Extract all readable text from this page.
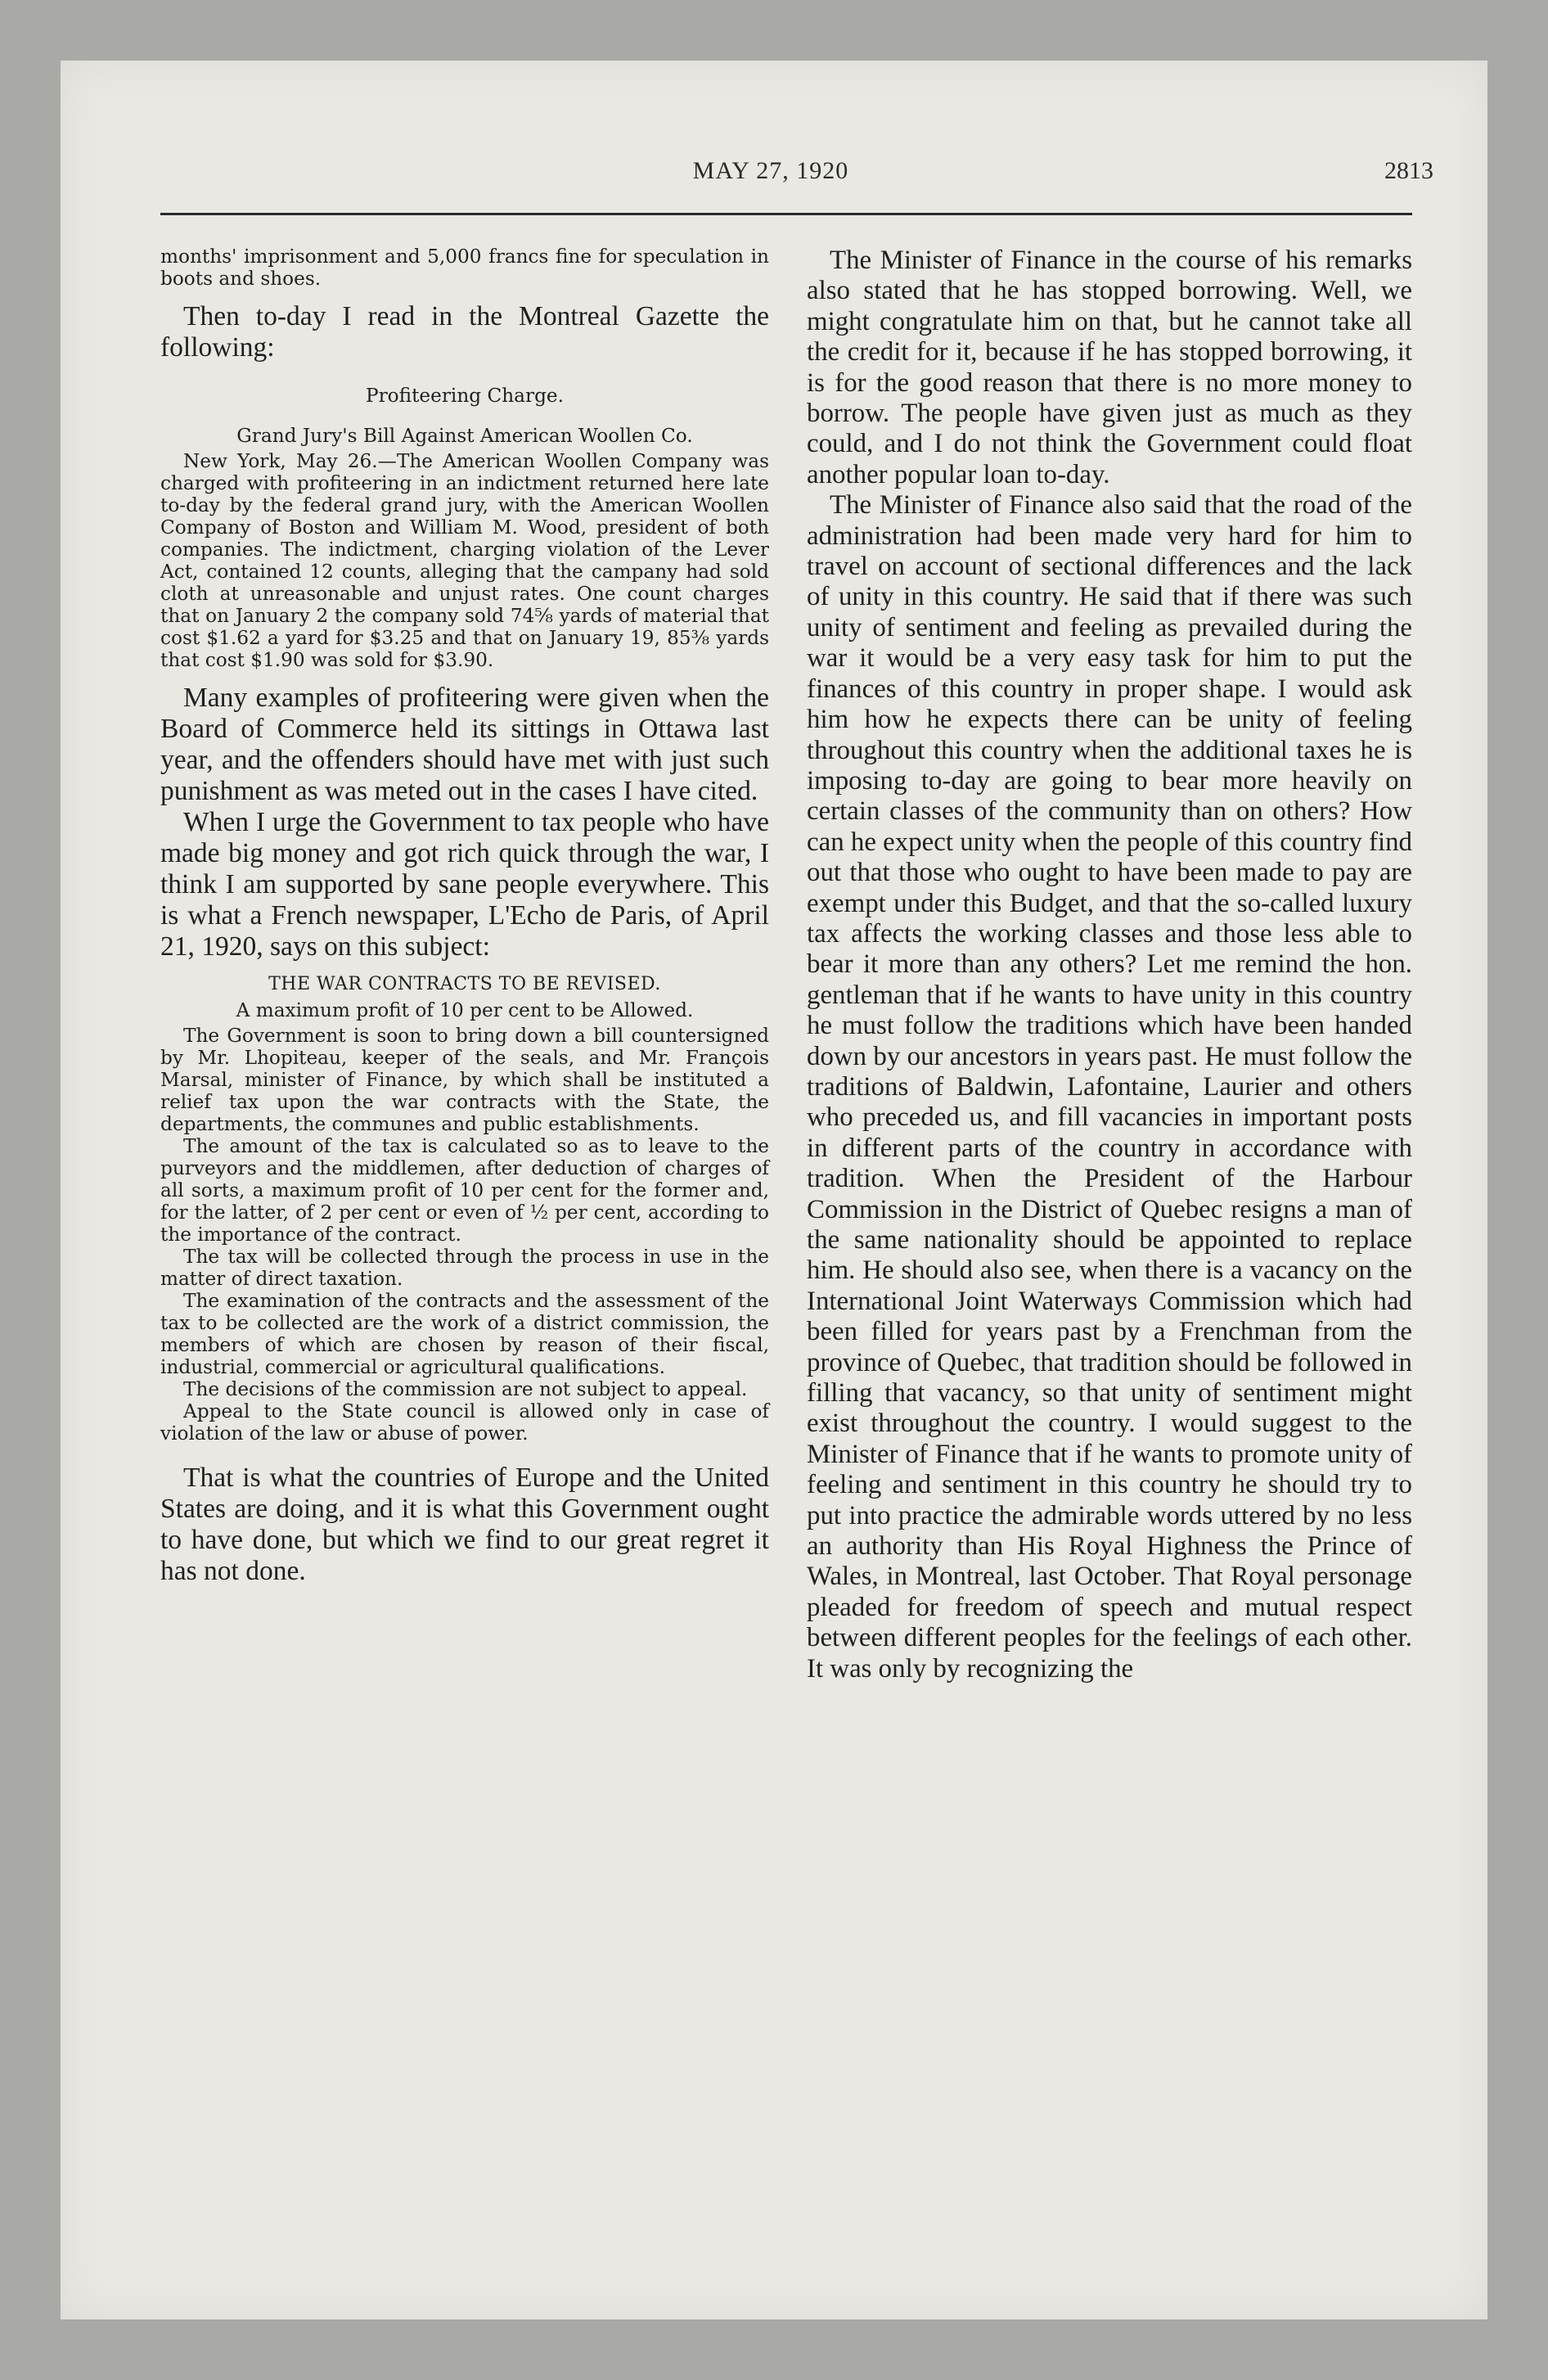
MAY 27, 1920	2813

months' imprisonment and 5,000 francs fine for speculation in boots and shoes.

Then to-day I read in the Montreal Gazette the following:

Profiteering Charge.

Grand Jury's Bill Against American Woollen Co.

New York, May 26.—The American Woollen Company was charged with profiteering in an indictment returned here late to-day by the federal grand jury, with the American Woollen Company of Boston and William M. Wood, president of both companies. The indictment, charging violation of the Lever Act, contained 12 counts, alleging that the campany had sold cloth at unreasonable and unjust rates. One count charges that on January 2 the company sold 74⅝ yards of material that cost $1.62 a yard for $3.25 and that on January 19, 85⅜ yards that cost $1.90 was sold for $3.90.

Many examples of profiteering were given when the Board of Commerce held its sittings in Ottawa last year, and the offenders should have met with just such punishment as was meted out in the cases I have cited.

When I urge the Government to tax people who have made big money and got rich quick through the war, I think I am supported by sane people everywhere. This is what a French newspaper, L'Echo de Paris, of April 21, 1920, says on this subject:

THE WAR CONTRACTS TO BE REVISED.

A maximum profit of 10 per cent to be Allowed.

The Government is soon to bring down a bill countersigned by Mr. Lhopiteau, keeper of the seals, and Mr. François Marsal, minister of Finance, by which shall be instituted a relief tax upon the war contracts with the State, the departments, the communes and public establishments.

The amount of the tax is calculated so as to leave to the purveyors and the middlemen, after deduction of charges of all sorts, a maximum profit of 10 per cent for the former and, for the latter, of 2 per cent or even of ½ per cent, according to the importance of the contract.

The tax will be collected through the process in use in the matter of direct taxation.

The examination of the contracts and the assessment of the tax to be collected are the work of a district commission, the members of which are chosen by reason of their fiscal, industrial, commercial or agricultural qualifications.

The decisions of the commission are not subject to appeal.

Appeal to the State council is allowed only in case of violation of the law or abuse of power.

That is what the countries of Europe and the United States are doing, and it is what this Government ought to have done, but which we find to our great regret it has not done.

The Minister of Finance in the course of his remarks also stated that he has stopped borrowing. Well, we might congratulate him on that, but he cannot take all the credit for it, because if he has stopped borrowing, it is for the good reason that there is no more money to borrow. The people have given just as much as they could, and I do not think the Government could float another popular loan to-day.

The Minister of Finance also said that the road of the administration had been made very hard for him to travel on account of sectional differences and the lack of unity in this country. He said that if there was such unity of sentiment and feeling as prevailed during the war it would be a very easy task for him to put the finances of this country in proper shape. I would ask him how he expects there can be unity of feeling throughout this country when the additional taxes he is imposing to-day are going to bear more heavily on certain classes of the community than on others? How can he expect unity when the people of this country find out that those who ought to have been made to pay are exempt under this Budget, and that the so-called luxury tax affects the working classes and those less able to bear it more than any others? Let me remind the hon. gentleman that if he wants to have unity in this country he must follow the traditions which have been handed down by our ancestors in years past. He must follow the traditions of Baldwin, Lafontaine, Laurier and others who preceded us, and fill vacancies in important posts in different parts of the country in accordance with tradition. When the President of the Harbour Commission in the District of Quebec resigns a man of the same nationality should be appointed to replace him. He should also see, when there is a vacancy on the International Joint Waterways Commission which had been filled for years past by a Frenchman from the province of Quebec, that tradition should be followed in filling that vacancy, so that unity of sentiment might exist throughout the country. I would suggest to the Minister of Finance that if he wants to promote unity of feeling and sentiment in this country he should try to put into practice the admirable words uttered by no less an authority than His Royal Highness the Prince of Wales, in Montreal, last October. That Royal personage pleaded for freedom of speech and mutual respect between different peoples for the feelings of each other. It was only by recognizing the
